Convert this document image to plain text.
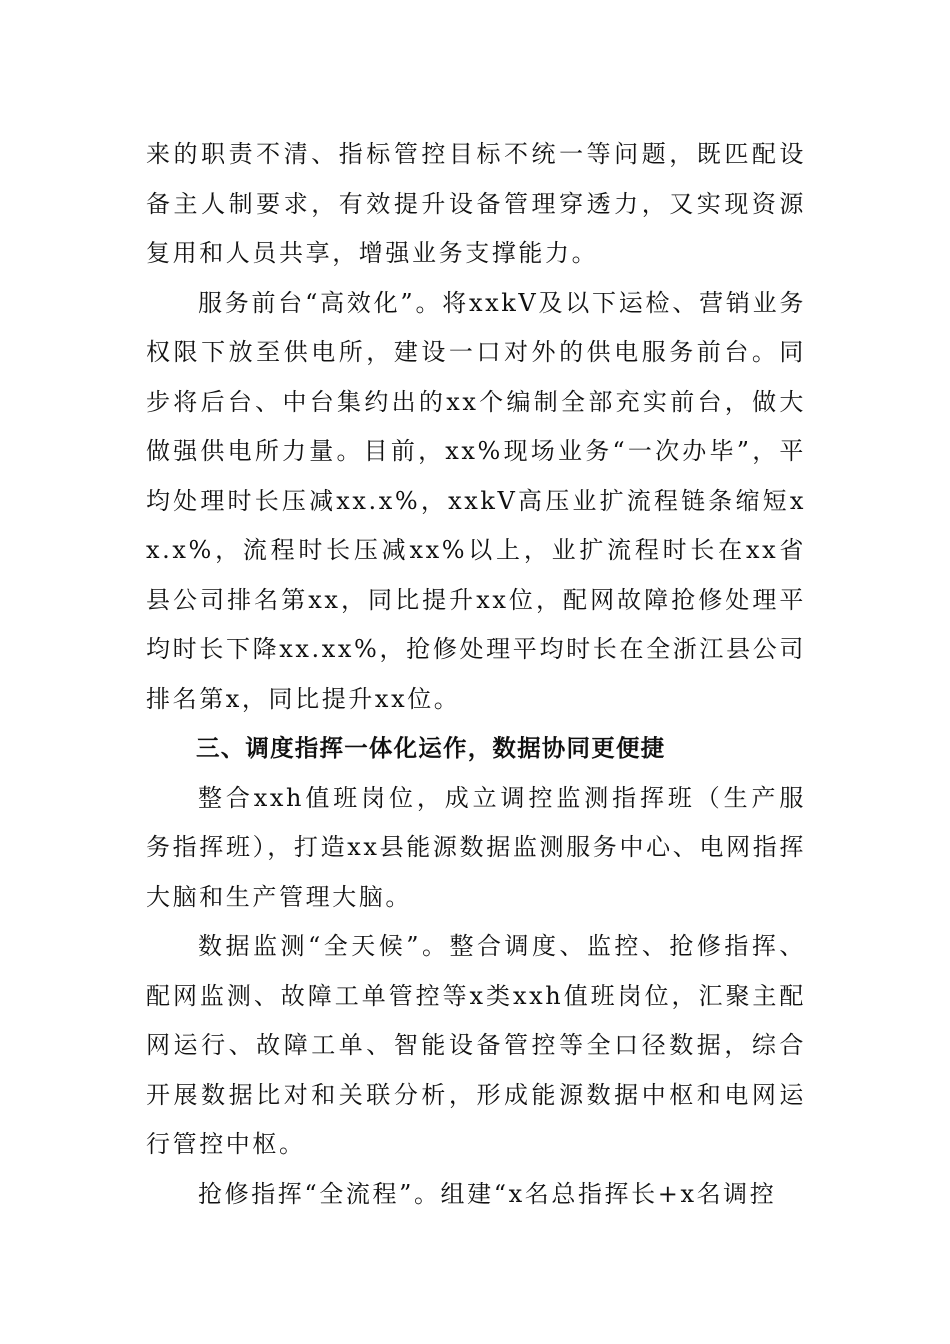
来的职责不清、指标管控目标不统一等问题，既匹配设备主人制要求，有效提升设备管理穿透力，又实现资源复用和人员共享，增强业务支撑能力。

服务前台“高效化”。将xxkV及以下运检、营销业务权限下放至供电所，建设一口对外的供电服务前台。同步将后台、中台集约出的xx个编制全部充实前台，做大做强供电所力量。目前，xx%现场业务“一次办毕”，平均处理时长压减xx.x%，xxkV高压业扩流程链条缩短xx.x%，流程时长压减xx%以上，业扩流程时长在xx省县公司排名第xx，同比提升xx位，配网故障抢修处理平均时长下降xx.xx%，抢修处理平均时长在全浙江县公司排名第x，同比提升xx位。

三、调度指挥一体化运作，数据协同更便捷

整合xxh值班岗位，成立调控监测指挥班（生产服务指挥班），打造xx县能源数据监测服务中心、电网指挥大脑和生产管理大脑。

数据监测“全天候”。整合调度、监控、抢修指挥、配网监测、故障工单管控等x类xxh值班岗位，汇聚主配网运行、故障工单、智能设备管控等全口径数据，综合开展数据比对和关联分析，形成能源数据中枢和电网运行管控中枢。

抢修指挥“全流程”。组建“x名总指挥长+x名调控
